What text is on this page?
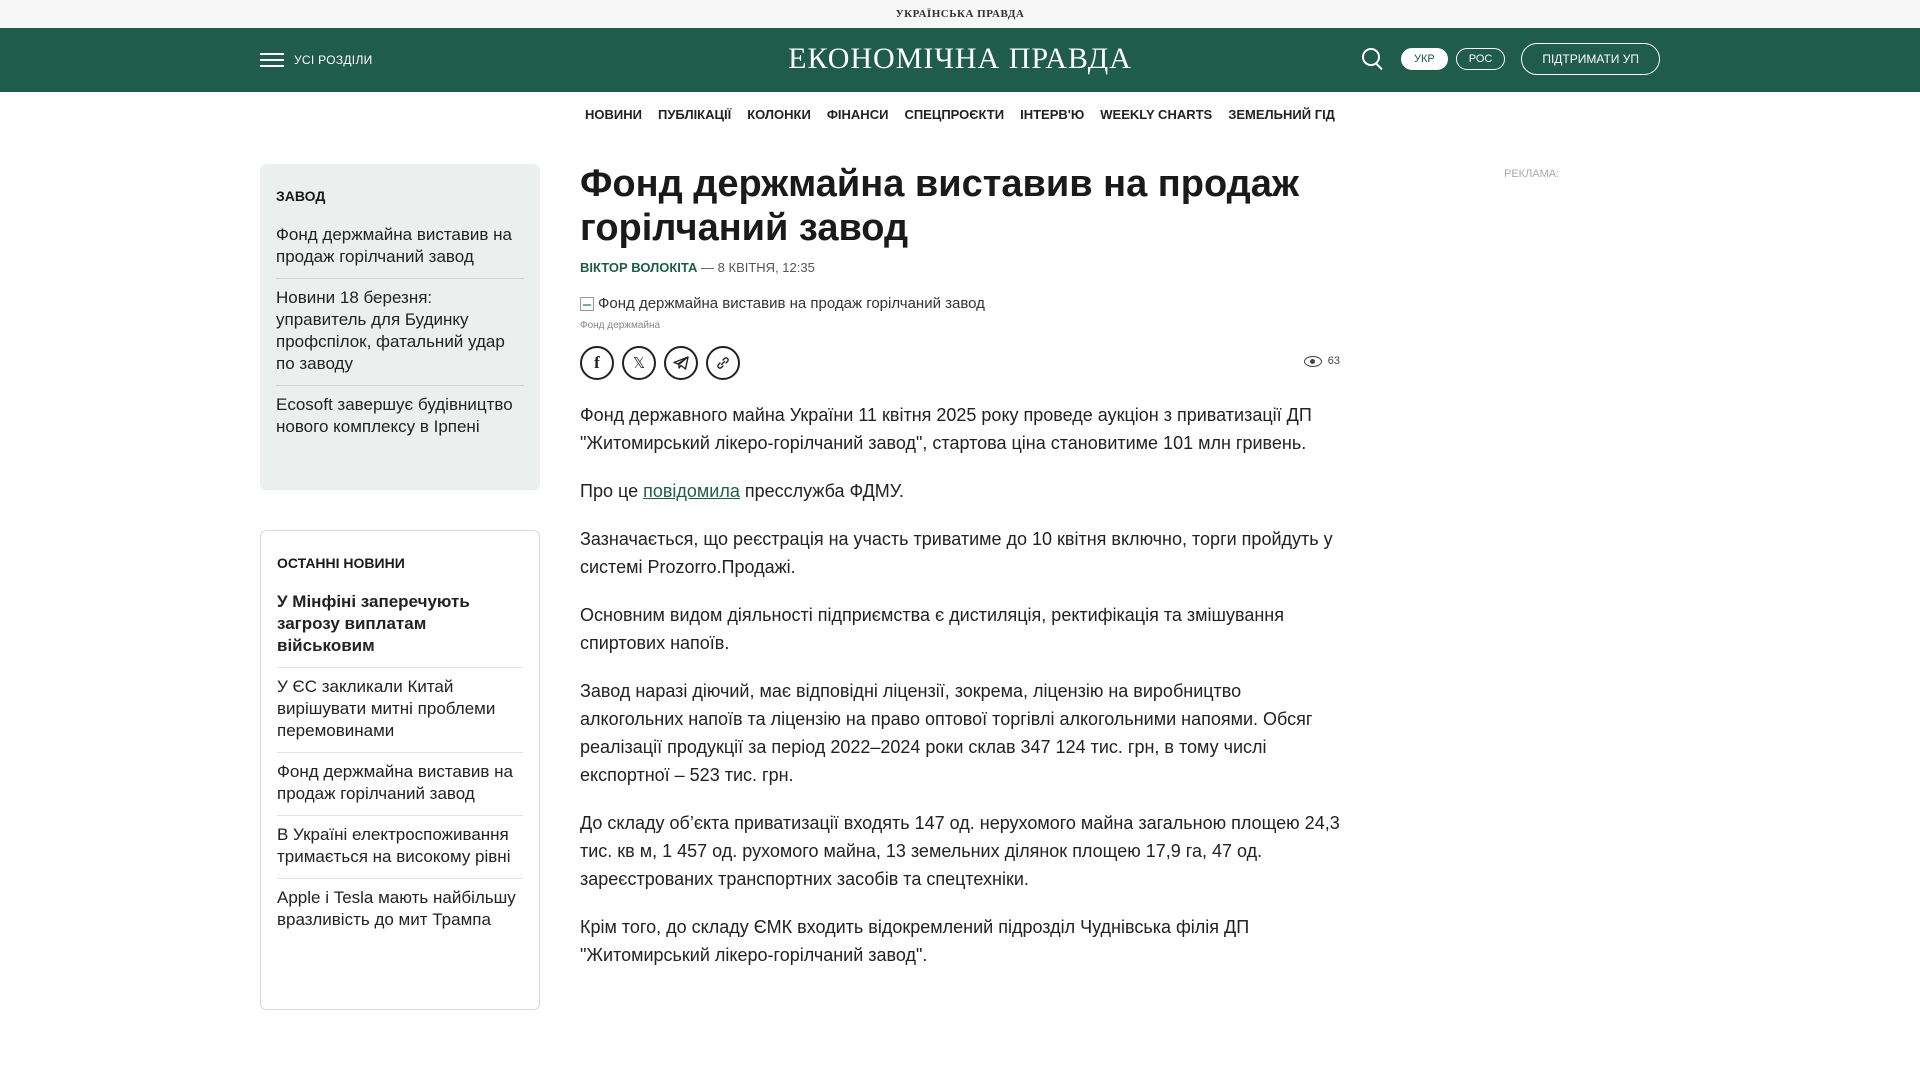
УКРАЇНСЬКА ПРАВДА
УСІ РОЗДІЛИ	ЕКОНОМІЧНА ПРАВДА	УКР	РОС	ПІДТРИМАТИ УП
НОВИНИ ПУБЛІКАЦІЇ КОЛОНКИ ФІНАНСИ СПЕЦПРОЄКТИ ІНТЕРВ'Ю WEEKLY CHARTS ЗЕМЕЛЬНИЙ ГІД
ЗАВОД
Фонд держмайна виставив на продаж горілчаний завод
Новини 18 березня: управитель для Будинку профспілок, фатальний удар по заводу
Ecosoft завершує будівництво нового комплексу в Ірпені
ОСТАННІ НОВИНИ
У Мінфіні заперечують загрозу виплатам військовим
У ЄС закликали Китай вирішувати митні проблеми перемовинами
Фонд держмайна виставив на продаж горілчаний завод
В Україні електроспоживання тримається на високому рівні
Apple і Tesla мають найбільшу вразливість до мит Трампа
Фонд держмайна виставив на продаж горілчаний завод
ВІКТОР ВОЛОКІТА — 8 КВІТНЯ, 12:35
Фонд держмайна виставив на продаж горілчаний завод
Фонд держмайна
f 𝕏	63

Фонд державного майна України 11 квітня 2025 року проведе аукціон з приватизації ДП "Житомирський лікеро-горілчаний завод", стартова ціна становитиме 101 млн гривень.

Про це повідомила пресслужба ФДМУ.

Зазначається, що реєстрація на участь триватиме до 10 квітня включно, торги пройдуть у системі Prozorro.Продажі.

Основним видом діяльності підприємства є дистиляція, ректифікація та змішування спиртових напоїв.

Завод наразі діючий, має відповідні ліцензії, зокрема, ліцензію на виробництво алкогольних напоїв та ліцензію на право оптової торгівлі алкогольними напоями. Обсяг реалізації продукції за період 2022–2024 роки склав 347 124 тис. грн, в тому числі експортної – 523 тис. грн.

До складу об’єкта приватизації входять 147 од. нерухомого майна загальною площею 24,3 тис. кв м, 1 457 од. рухомого майна, 13 земельних ділянок площею 17,9 га, 47 од. зареєстрованих транспортних засобів та спецтехніки.

Крім того, до складу ЄМК входить відокремлений підрозділ Чуднівська філія ДП "Житомирський лікеро-горілчаний завод".

РЕКЛАМА:
